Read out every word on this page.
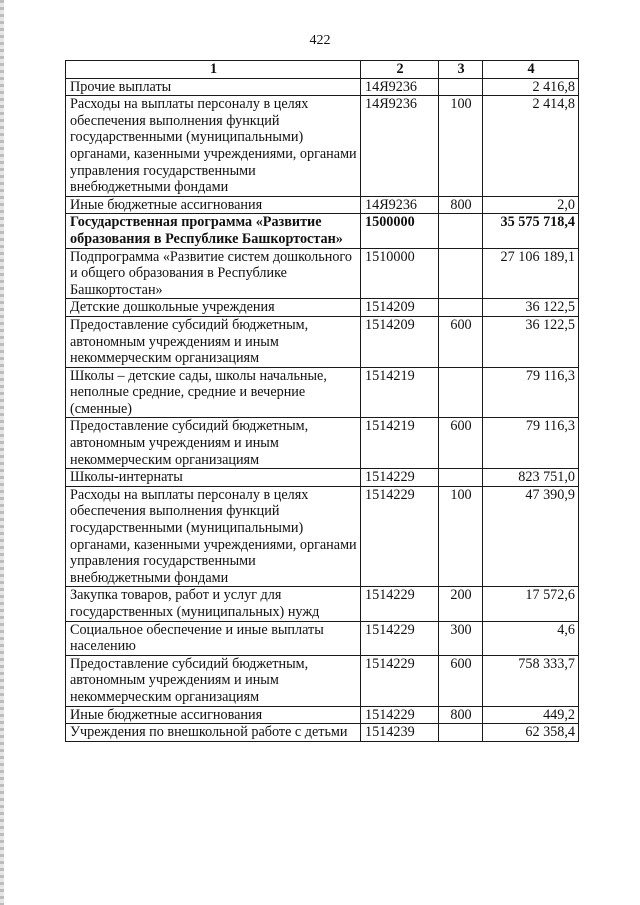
422
1	2	3	4
Прочие выплаты	14Я9236		2 416,8
Расходы на выплаты персоналу в целях обеспечения выполнения функций государственными (муниципальными) органами, казенными учреждениями, органами управления государственными внебюджетными фондами	14Я9236	100	2 414,8
Иные бюджетные ассигнования	14Я9236	800	2,0
Государственная программа «Развитие образования в Республике Башкортостан»	1500000		35 575 718,4
Подпрограмма «Развитие систем дошкольного и общего образования в Республике Башкортостан»	1510000		27 106 189,1
Детские дошкольные учреждения	1514209		36 122,5
Предоставление субсидий бюджетным, автономным учреждениям и иным некоммерческим организациям	1514209	600	36 122,5
Школы – детские сады, школы начальные, неполные средние, средние и вечерние (сменные)	1514219		79 116,3
Предоставление субсидий бюджетным, автономным учреждениям и иным некоммерческим организациям	1514219	600	79 116,3
Школы-интернаты	1514229		823 751,0
Расходы на выплаты персоналу в целях обеспечения выполнения функций государственными (муниципальными) органами, казенными учреждениями, органами управления государственными внебюджетными фондами	1514229	100	47 390,9
Закупка товаров, работ и услуг для государственных (муниципальных) нужд	1514229	200	17 572,6
Социальное обеспечение и иные выплаты населению	1514229	300	4,6
Предоставление субсидий бюджетным, автономным учреждениям и иным некоммерческим организациям	1514229	600	758 333,7
Иные бюджетные ассигнования	1514229	800	449,2
Учреждения по внешкольной работе с детьми	1514239		62 358,4
